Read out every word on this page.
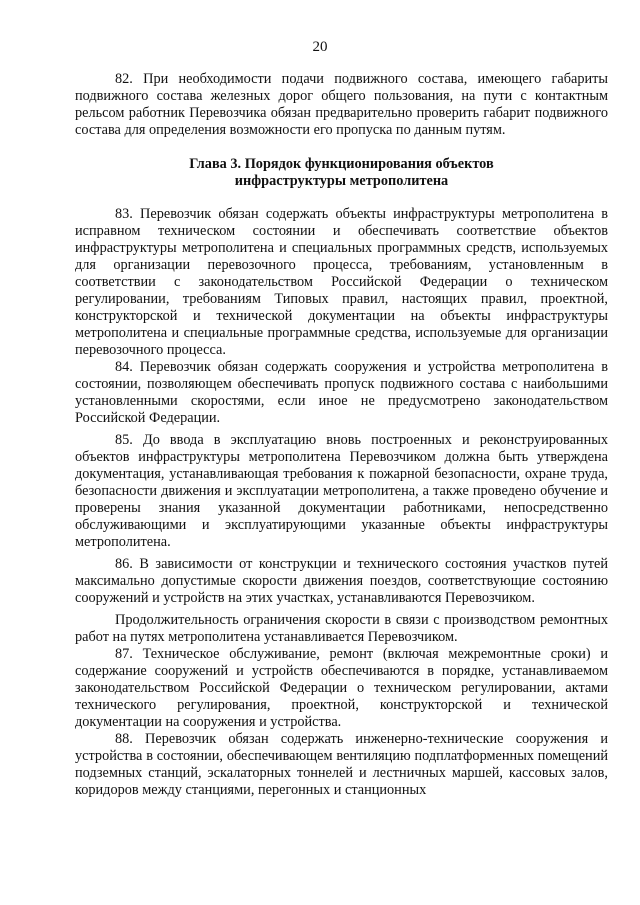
20

82. При необходимости подачи подвижного состава, имеющего габариты подвижного состава железных дорог общего пользования, на пути с контактным рельсом работник Перевозчика обязан предварительно проверить габарит подвижного состава для определения возможности его пропуска по данным путям.

Глава 3. Порядок функционирования объектов
инфраструктуры метрополитена

83. Перевозчик обязан содержать объекты инфраструктуры метрополитена в исправном техническом состоянии и обеспечивать соответствие объектов инфраструктуры метрополитена и специальных программных средств, используемых для организации перевозочного процесса, требованиям, установленным в соответствии с законодательством Российской Федерации о техническом регулировании, требованиям Типовых правил, настоящих правил, проектной, конструкторской и технической документации на объекты инфраструктуры метрополитена и специальные программные средства, используемые для организации перевозочного процесса.

84. Перевозчик обязан содержать сооружения и устройства метрополитена в состоянии, позволяющем обеспечивать пропуск подвижного состава с наибольшими установленными скоростями, если иное не предусмотрено законодательством Российской Федерации.

85. До ввода в эксплуатацию вновь построенных и реконструированных объектов инфраструктуры метрополитена Перевозчиком должна быть утверждена документация, устанавливающая требования к пожарной безопасности, охране труда, безопасности движения и эксплуатации метрополитена, а также проведено обучение и проверены знания указанной документации работниками, непосредственно обслуживающими и эксплуатирующими указанные объекты инфраструктуры метрополитена.

86. В зависимости от конструкции и технического состояния участков путей максимально допустимые скорости движения поездов, соответствующие состоянию сооружений и устройств на этих участках, устанавливаются Перевозчиком.

Продолжительность ограничения скорости в связи с производством ремонтных работ на путях метрополитена устанавливается Перевозчиком.

87. Техническое обслуживание, ремонт (включая межремонтные сроки) и содержание сооружений и устройств обеспечиваются в порядке, устанавливаемом законодательством Российской Федерации о техническом регулировании, актами технического регулирования, проектной, конструкторской и технической документации на сооружения и устройства.

88. Перевозчик обязан содержать инженерно-технические сооружения и устройства в состоянии, обеспечивающем вентиляцию подплатформенных помещений подземных станций, эскалаторных тоннелей и лестничных маршей, кассовых залов, коридоров между станциями, перегонных и станционных
